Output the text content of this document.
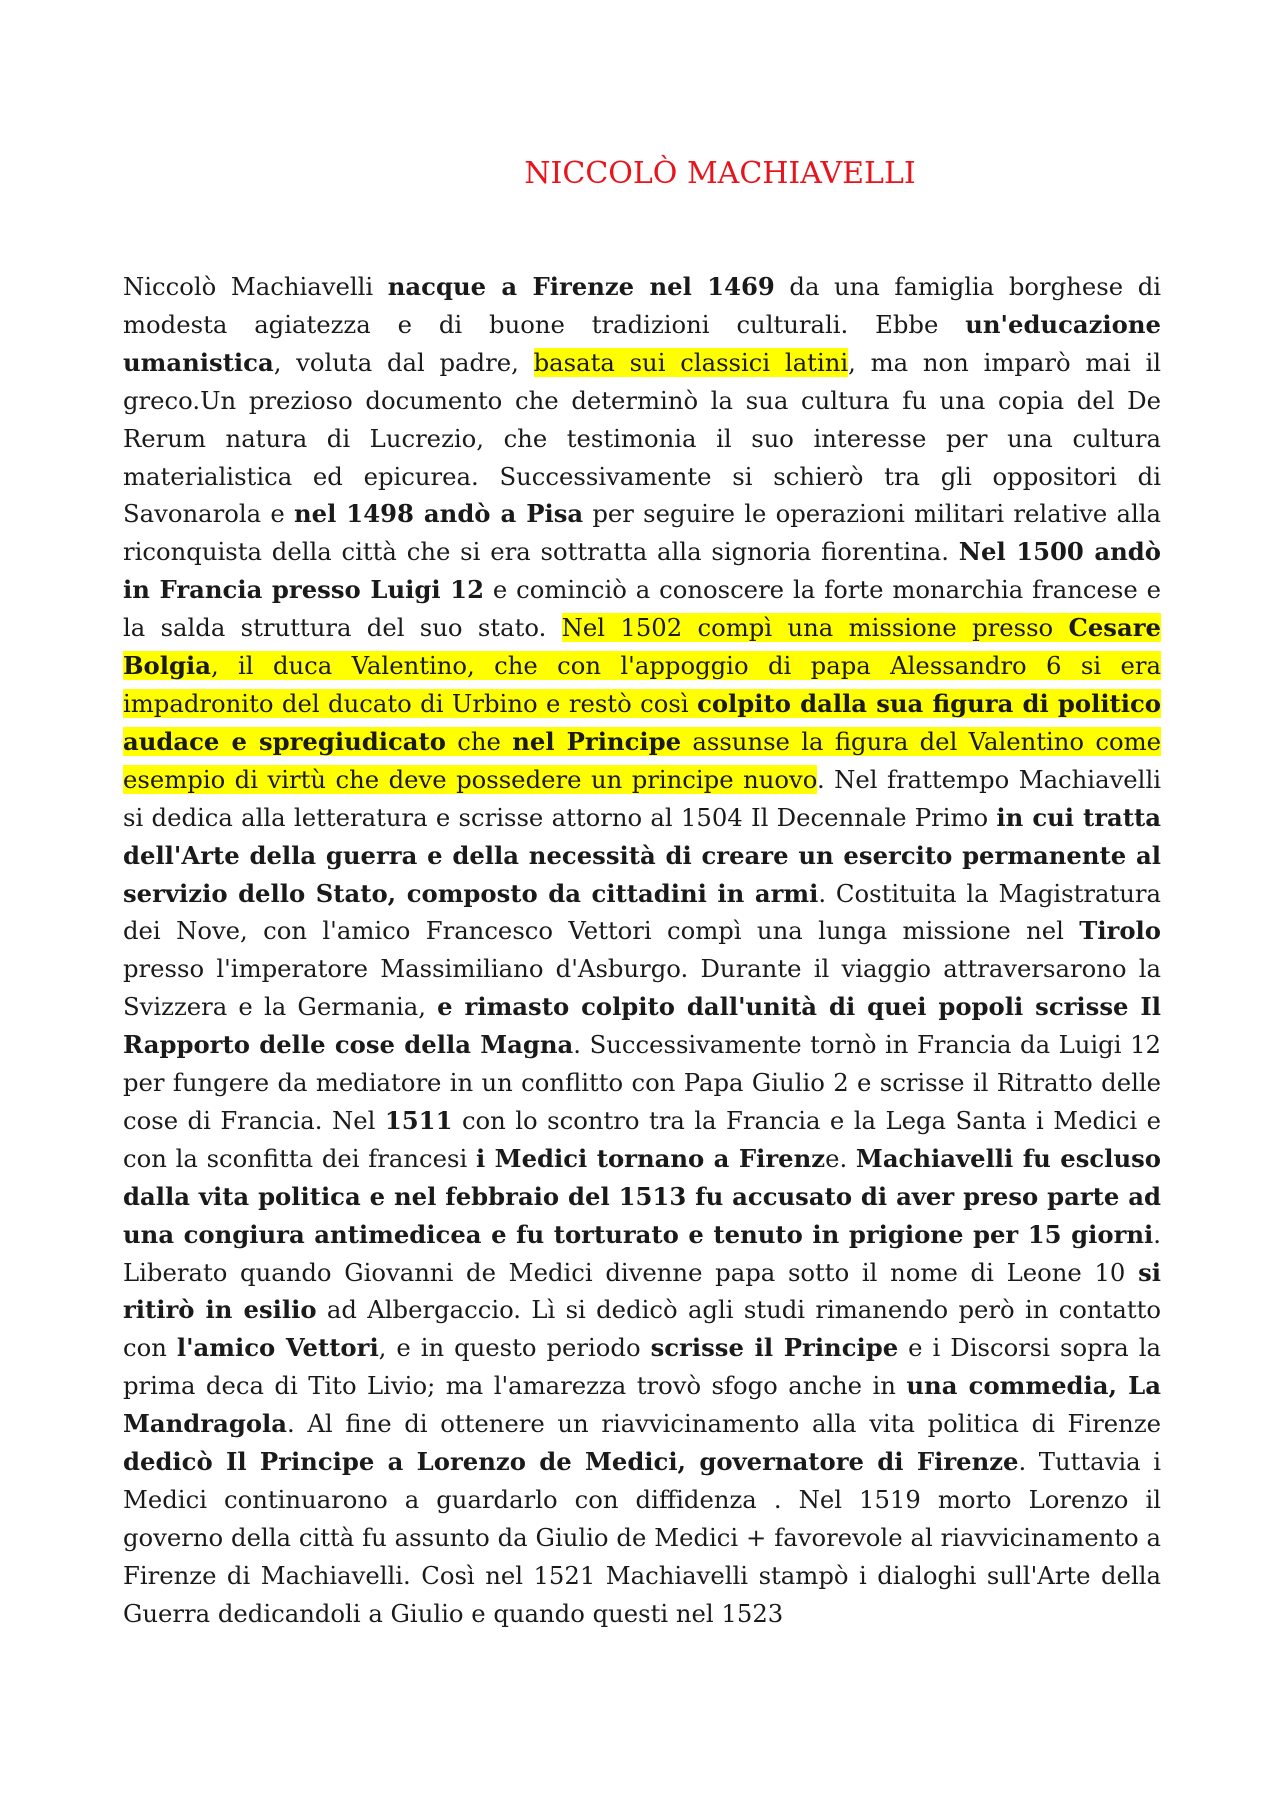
NICCOLÒ MACHIAVELLI

Niccolò Machiavelli nacque a Firenze nel 1469 da una famiglia borghese di modesta agiatezza e di buone tradizioni culturali. Ebbe un'educazione umanistica, voluta dal padre, basata sui classici latini, ma non imparò mai il greco.Un prezioso documento che determinò la sua cultura fu una copia del De Rerum natura di Lucrezio, che testimonia il suo interesse per una cultura materialistica ed epicurea. Successivamente si schierò tra gli oppositori di Savonarola e nel 1498 andò a Pisa per seguire le operazioni militari relative alla riconquista della città che si era sottratta alla signoria fiorentina. Nel 1500 andò in Francia presso Luigi 12 e cominciò a conoscere la forte monarchia francese e la salda struttura del suo stato. Nel 1502 compì una missione presso Cesare Bolgia, il duca Valentino, che con l'appoggio di papa Alessandro 6 si era impadronito del ducato di Urbino e restò così colpito dalla sua figura di politico audace e spregiudicato che nel Principe assunse la figura del Valentino come esempio di virtù che deve possedere un principe nuovo. Nel frattempo Machiavelli si dedica alla letteratura e scrisse attorno al 1504 Il Decennale Primo in cui tratta dell'Arte della guerra e della necessità di creare un esercito permanente al servizio dello Stato, composto da cittadini in armi. Costituita la Magistratura dei Nove, con l'amico Francesco Vettori compì una lunga missione nel Tirolo presso l'imperatore Massimiliano d'Asburgo. Durante il viaggio attraversarono la Svizzera e la Germania, e rimasto colpito dall'unità di quei popoli scrisse Il Rapporto delle cose della Magna. Successivamente tornò in Francia da Luigi 12 per fungere da mediatore in un conflitto con Papa Giulio 2 e scrisse il Ritratto delle cose di Francia. Nel 1511 con lo scontro tra la Francia e la Lega Santa i Medici e con la sconfitta dei francesi i Medici tornano a Firenze. Machiavelli fu escluso dalla vita politica e nel febbraio del 1513 fu accusato di aver preso parte ad una congiura antimedicea e fu torturato e tenuto in prigione per 15 giorni. Liberato quando Giovanni de Medici divenne papa sotto il nome di Leone 10 si ritirò in esilio ad Albergaccio. Lì si dedicò agli studi rimanendo però in contatto con l'amico Vettori, e in questo periodo scrisse il Principe e i Discorsi sopra la prima deca di Tito Livio; ma l'amarezza trovò sfogo anche in una commedia, La Mandragola. Al fine di ottenere un riavvicinamento alla vita politica di Firenze dedicò Il Principe a Lorenzo de Medici, governatore di Firenze. Tuttavia i Medici continuarono a guardarlo con diffidenza . Nel 1519 morto Lorenzo il governo della città fu assunto da Giulio de Medici + favorevole al riavvicinamento a Firenze di Machiavelli. Così nel 1521 Machiavelli stampò i dialoghi sull'Arte della Guerra dedicandoli a Giulio e quando questi nel 1523
